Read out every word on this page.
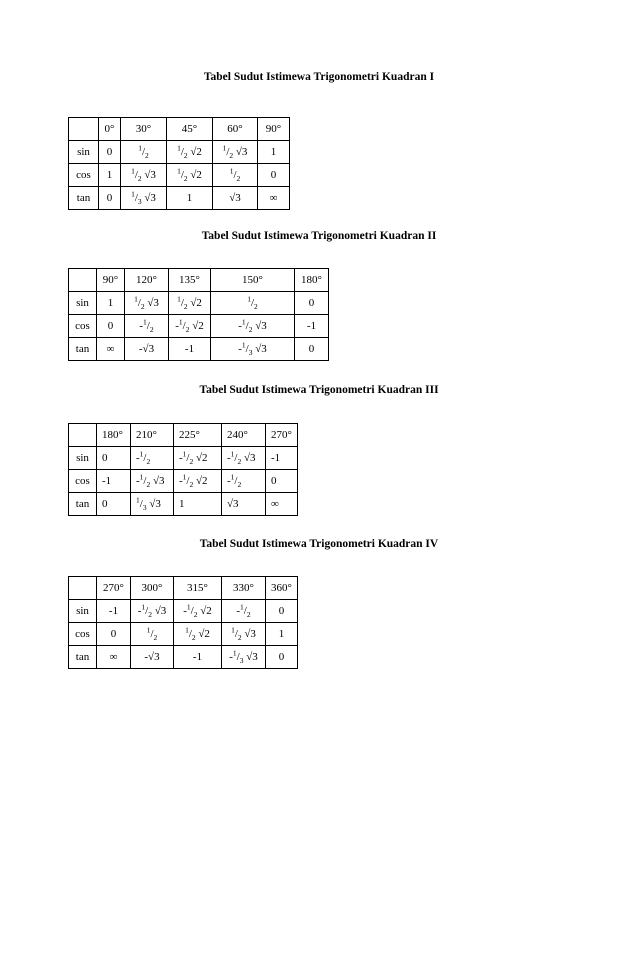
Tabel Sudut Istimewa Trigonometri Kuadran I
	0°	30°	45°	60°	90°
sin	0	$^1/_2$	$^1/_2$ √2	$^1/_2$ √3	1
cos	1	$^1/_2$ √3	$^1/_2$ √2	$^1/_2$	0
tan	0	$^1/_3$ √3	1	√3	∞
Tabel Sudut Istimewa Trigonometri Kuadran II
	90°	120°	135°	150°	180°
sin	1	$^1/_2$ √3	$^1/_2$ √2	$^1/_2$	0
cos	0	$-^1/_2$	$-^1/_2$ √2	$-^1/_2$ √3	-1
tan	∞	-√3	-1	$-^1/_3$ √3	0
Tabel Sudut Istimewa Trigonometri Kuadran III
	180°	210°	225°	240°	270°
sin	0	$-^1/_2$	$-^1/_2$ √2	$-^1/_2$ √3	-1
cos	-1	$-^1/_2$ √3	$-^1/_2$ √2	$-^1/_2$	0
tan	0	$^1/_3$ √3	1	√3	∞
Tabel Sudut Istimewa Trigonometri Kuadran IV
	270°	300°	315°	330°	360°
sin	-1	$-^1/_2$ √3	$-^1/_2$ √2	$-^1/_2$	0
cos	0	$^1/_2$	$^1/_2$ √2	$^1/_2$ √3	1
tan	∞	-√3	-1	$-^1/_3$ √3	0
